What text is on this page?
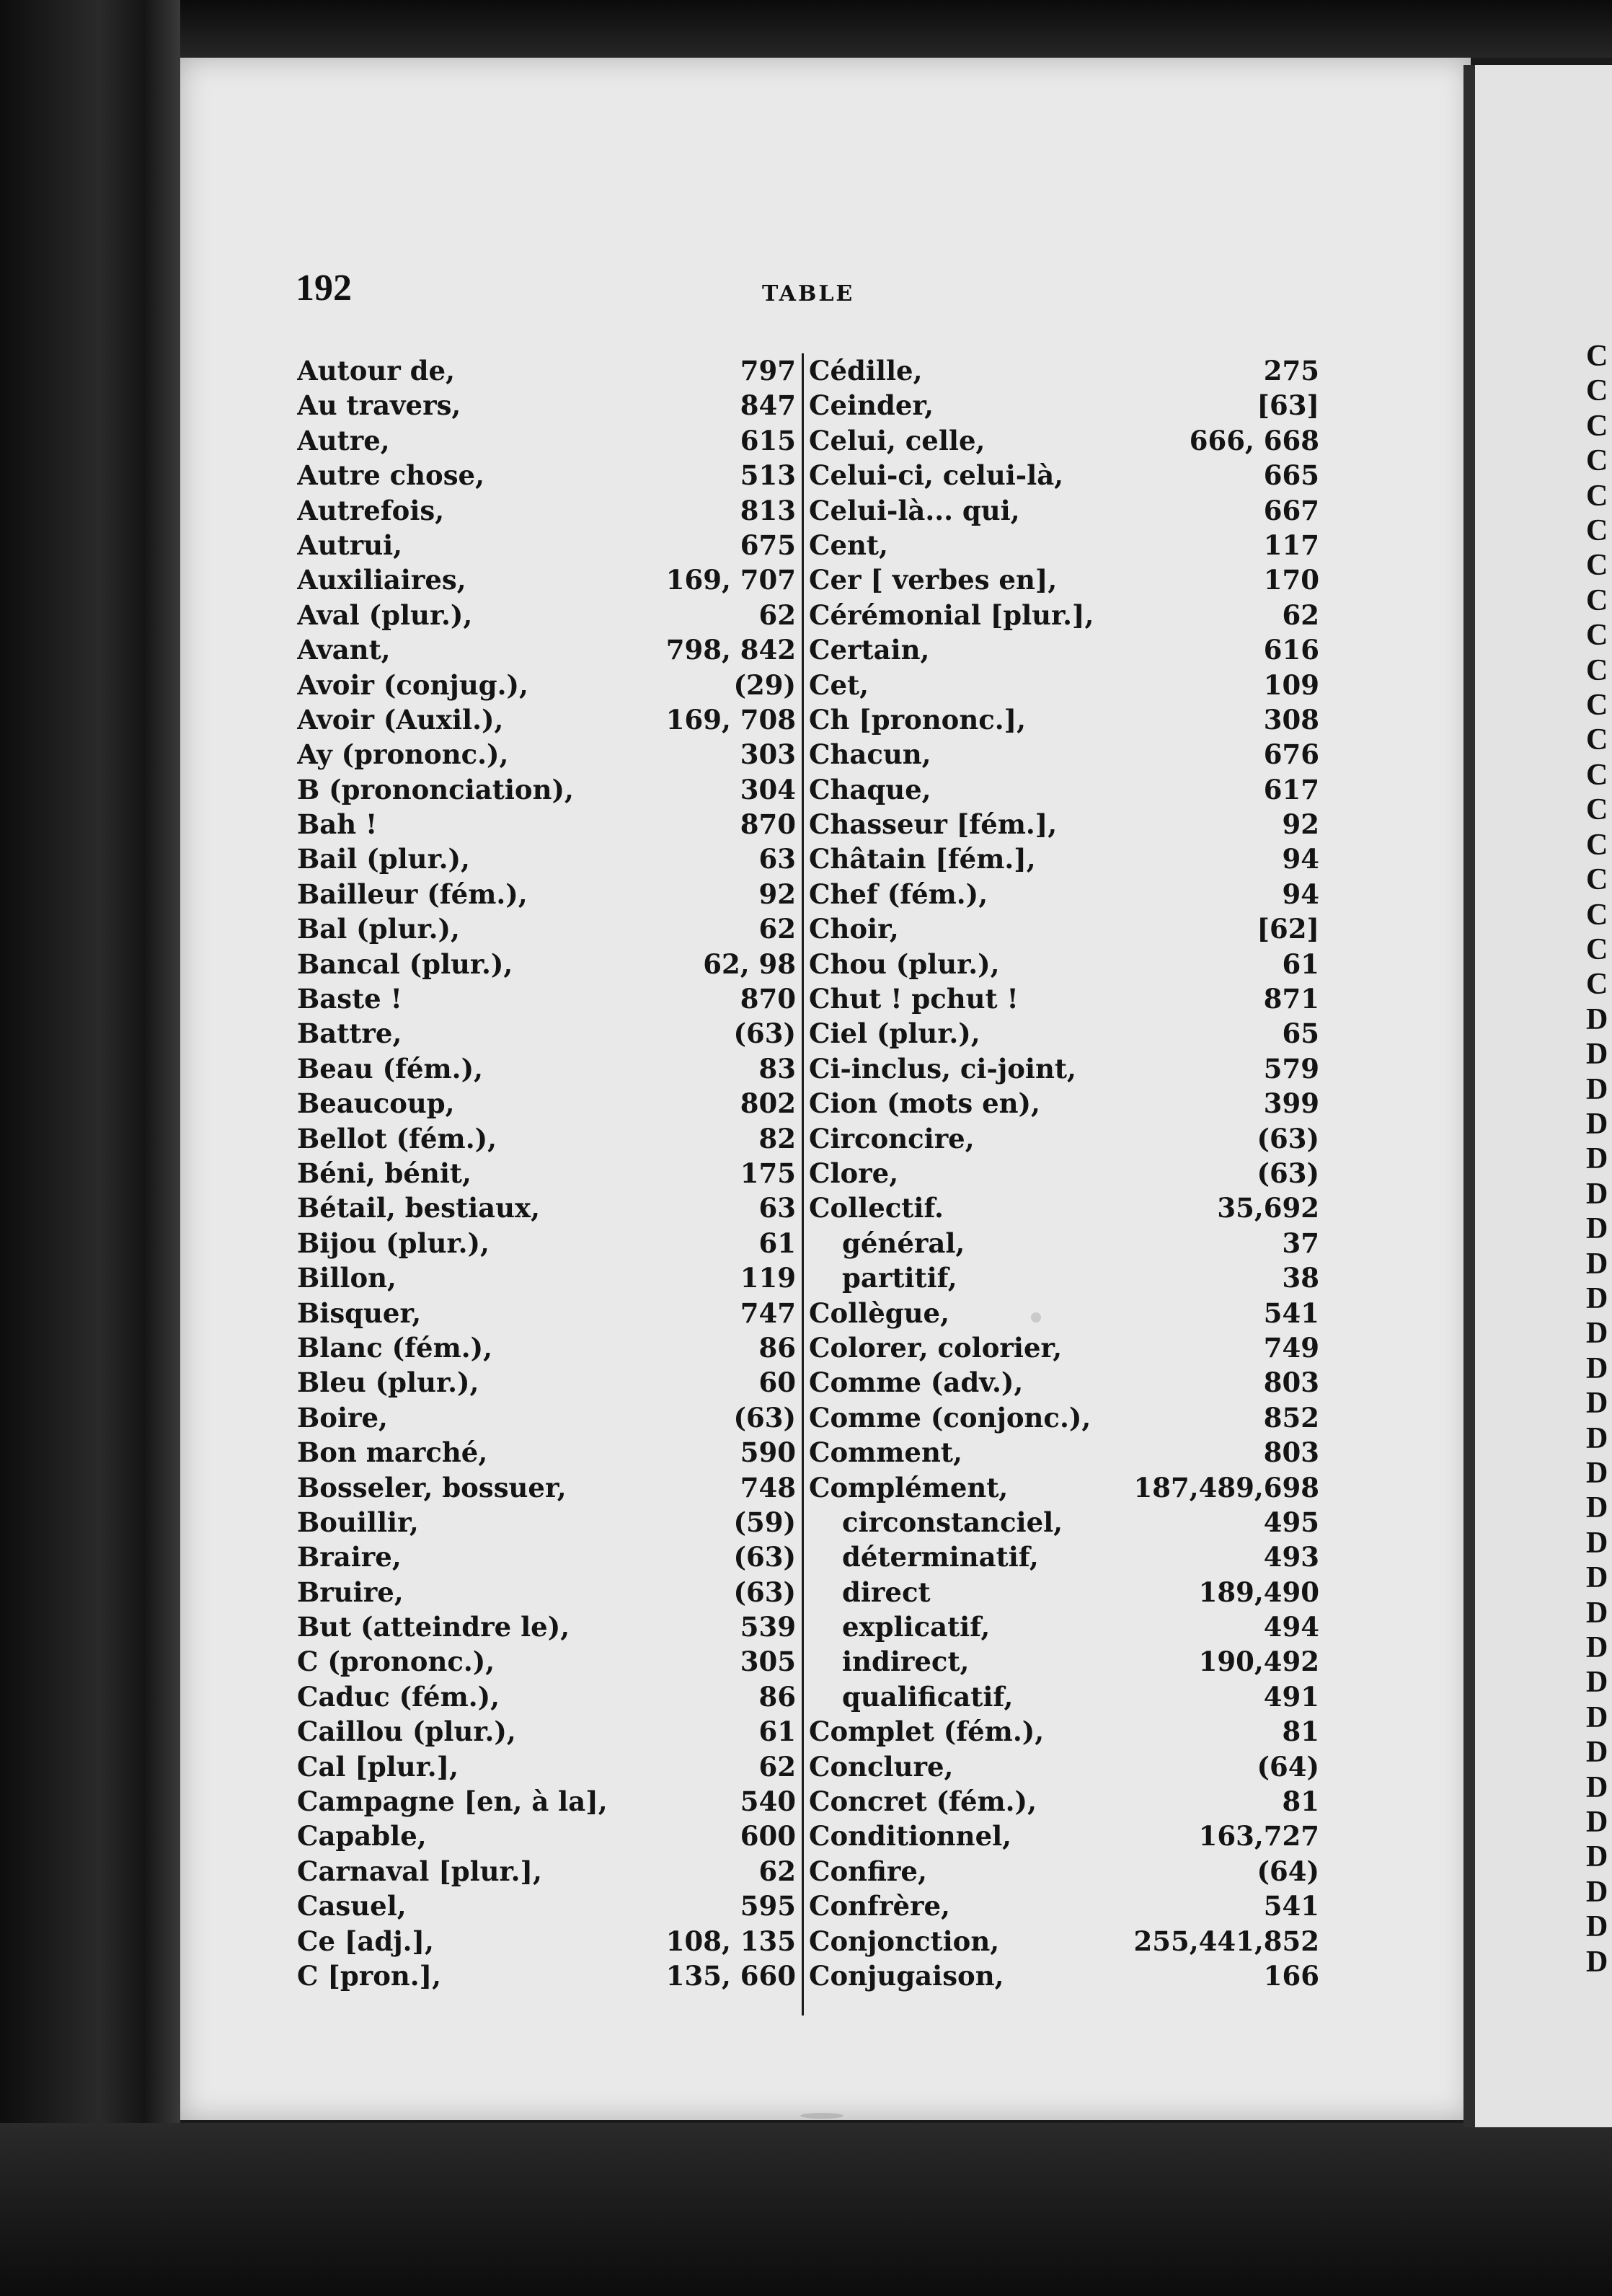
C
C
C
C
C
C
C
C
C
C
C
C
C
C
C
C
C
C
C
D
D
D
D
D
D
D
D
D
D
D
D
D
D
D
D
D
D
D
D
D
D
D
D
D
D
D
D
192	TABLE
Autour de,	797
Au travers,	847
Autre,	615
Autre chose,	513
Autrefois,	813
Autrui,	675
Auxiliaires,	169, 707
Aval (plur.),	62
Avant,	798, 842
Avoir (conjug.),	(29)
Avoir (Auxil.),	169, 708
Ay (prononc.),	303
B (prononciation),	304
Bah !	870
Bail (plur.),	63
Bailleur (fém.),	92
Bal (plur.),	62
Bancal (plur.),	62, 98
Baste !	870
Battre,	(63)
Beau (fém.),	83
Beaucoup,	802
Bellot (fém.),	82
Béni, bénit,	175
Bétail, bestiaux,	63
Bijou (plur.),	61
Billon,	119
Bisquer,	747
Blanc (fém.),	86
Bleu (plur.),	60
Boire,	(63)
Bon marché,	590
Bosseler, bossuer,	748
Bouillir,	(59)
Braire,	(63)
Bruire,	(63)
But (atteindre le),	539
C (prononc.),	305
Caduc (fém.),	86
Caillou (plur.),	61
Cal [plur.],	62
Campagne [en, à la],	540
Capable,	600
Carnaval [plur.],	62
Casuel,	595
Ce [adj.],	108, 135
C [pron.],	135, 660
Cédille,	275
Ceinder,	[63]
Celui, celle,	666, 668
Celui-ci, celui-là,	665
Celui-là... qui,	667
Cent,	117
Cer [ verbes en],	170
Cérémonial [plur.],	62
Certain,	616
Cet,	109
Ch [prononc.],	308
Chacun,	676
Chaque,	617
Chasseur [fém.],	92
Châtain [fém.],	94
Chef (fém.),	94
Choir,	[62]
Chou (plur.),	61
Chut ! pchut !	871
Ciel (plur.),	65
Ci-inclus, ci-joint,	579
Cion (mots en),	399
Circoncire,	(63)
Clore,	(63)
Collectif.	35,692
général,	37
partitif,	38
Collègue,	541
Colorer, colorier,	749
Comme (adv.),	803
Comme (conjonc.),	852
Comment,	803
Complément,	187,489,698
circonstanciel,	495
déterminatif,	493
direct	189,490
explicatif,	494
indirect,	190,492
qualificatif,	491
Complet (fém.),	81
Conclure,	(64)
Concret (fém.),	81
Conditionnel,	163,727
Confire,	(64)
Confrère,	541
Conjonction,	255,441,852
Conjugaison,	166
